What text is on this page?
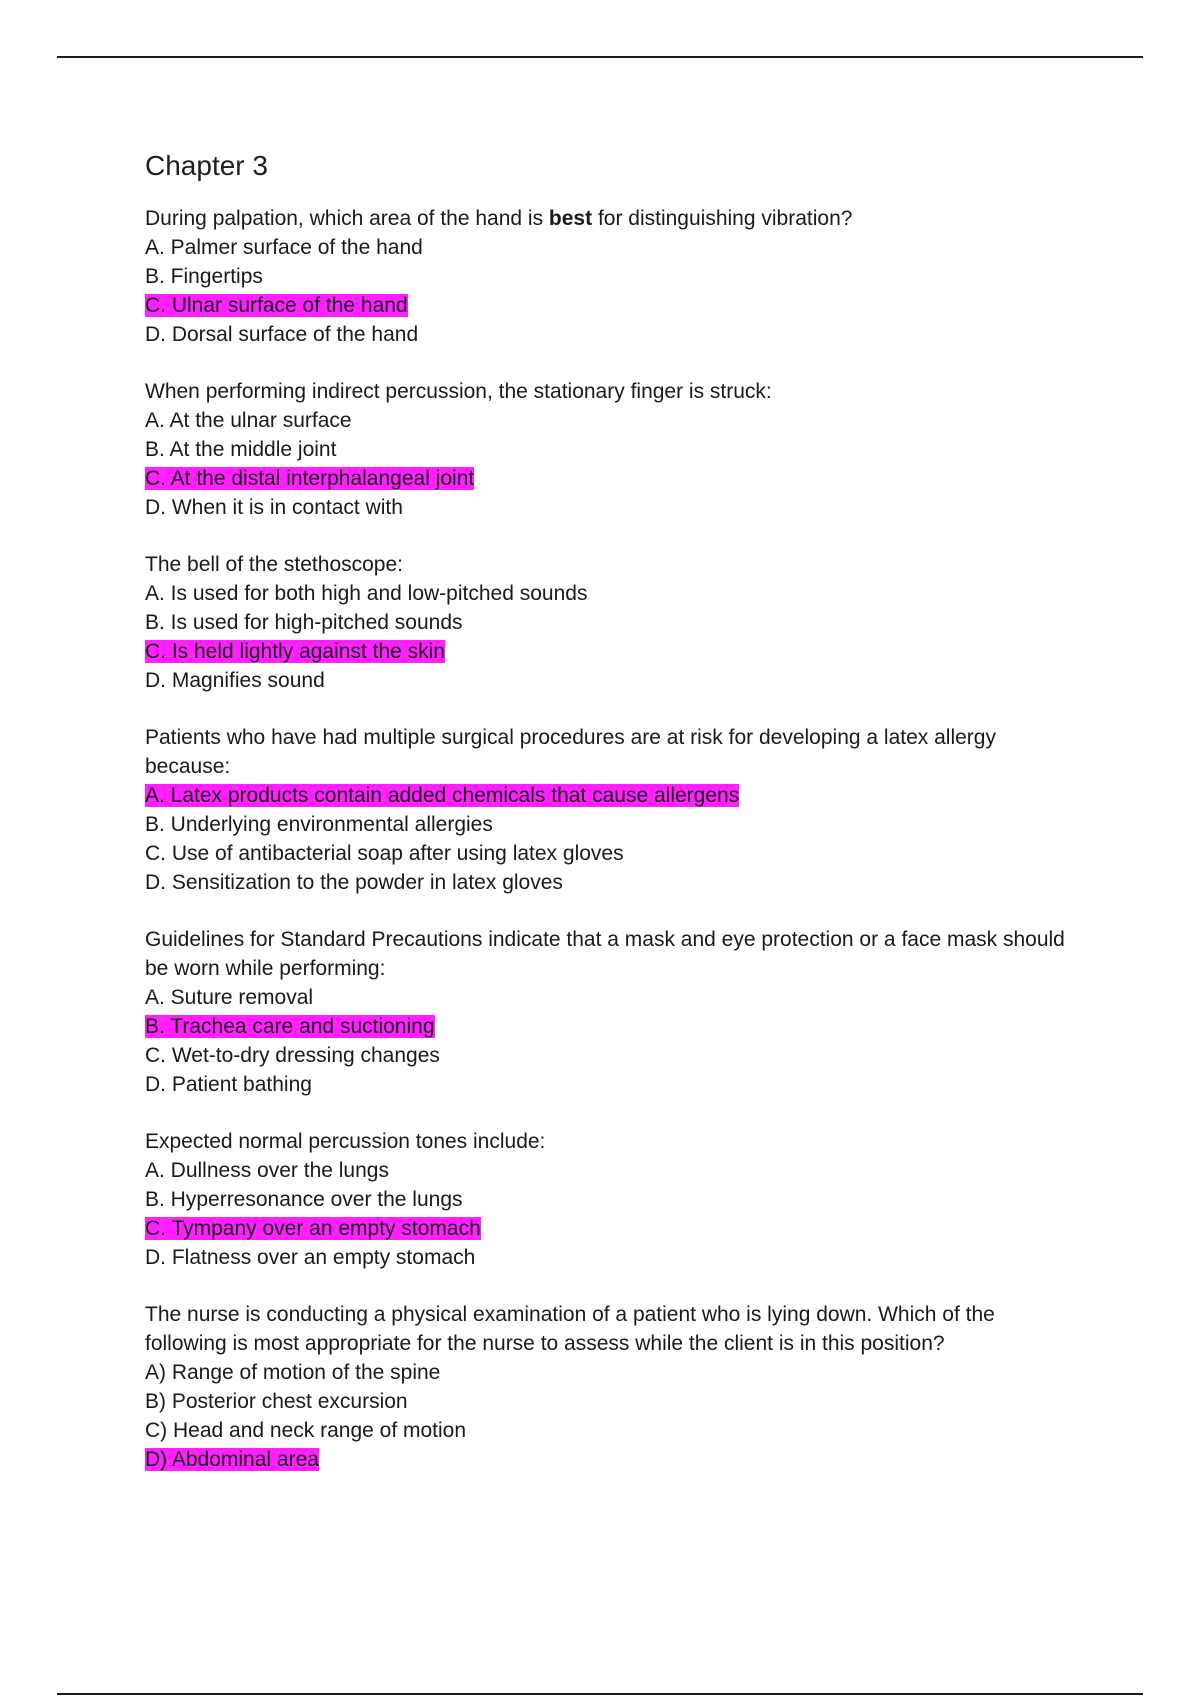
Chapter 3

During palpation, which area of the hand is best for distinguishing vibration?

A. Palmer surface of the hand

B. Fingertips

C. Ulnar surface of the hand

D. Dorsal surface of the hand

When performing indirect percussion, the stationary finger is struck:

A. At the ulnar surface

B. At the middle joint

C. At the distal interphalangeal joint

D. When it is in contact with

The bell of the stethoscope:

A. Is used for both high and low-pitched sounds

B. Is used for high-pitched sounds

C. Is held lightly against the skin

D. Magnifies sound

Patients who have had multiple surgical procedures are at risk for developing a latex allergy because:

A. Latex products contain added chemicals that cause allergens

B. Underlying environmental allergies

C. Use of antibacterial soap after using latex gloves

D. Sensitization to the powder in latex gloves

Guidelines for Standard Precautions indicate that a mask and eye protection or a face mask should be worn while performing:

A. Suture removal

B. Trachea care and suctioning

C. Wet-to-dry dressing changes

D. Patient bathing

Expected normal percussion tones include:

A. Dullness over the lungs

B. Hyperresonance over the lungs

C. Tympany over an empty stomach

D. Flatness over an empty stomach

The nurse is conducting a physical examination of a patient who is lying down. Which of the following is most appropriate for the nurse to assess while the client is in this position?

A) Range of motion of the spine

B) Posterior chest excursion

C) Head and neck range of motion

D) Abdominal area
